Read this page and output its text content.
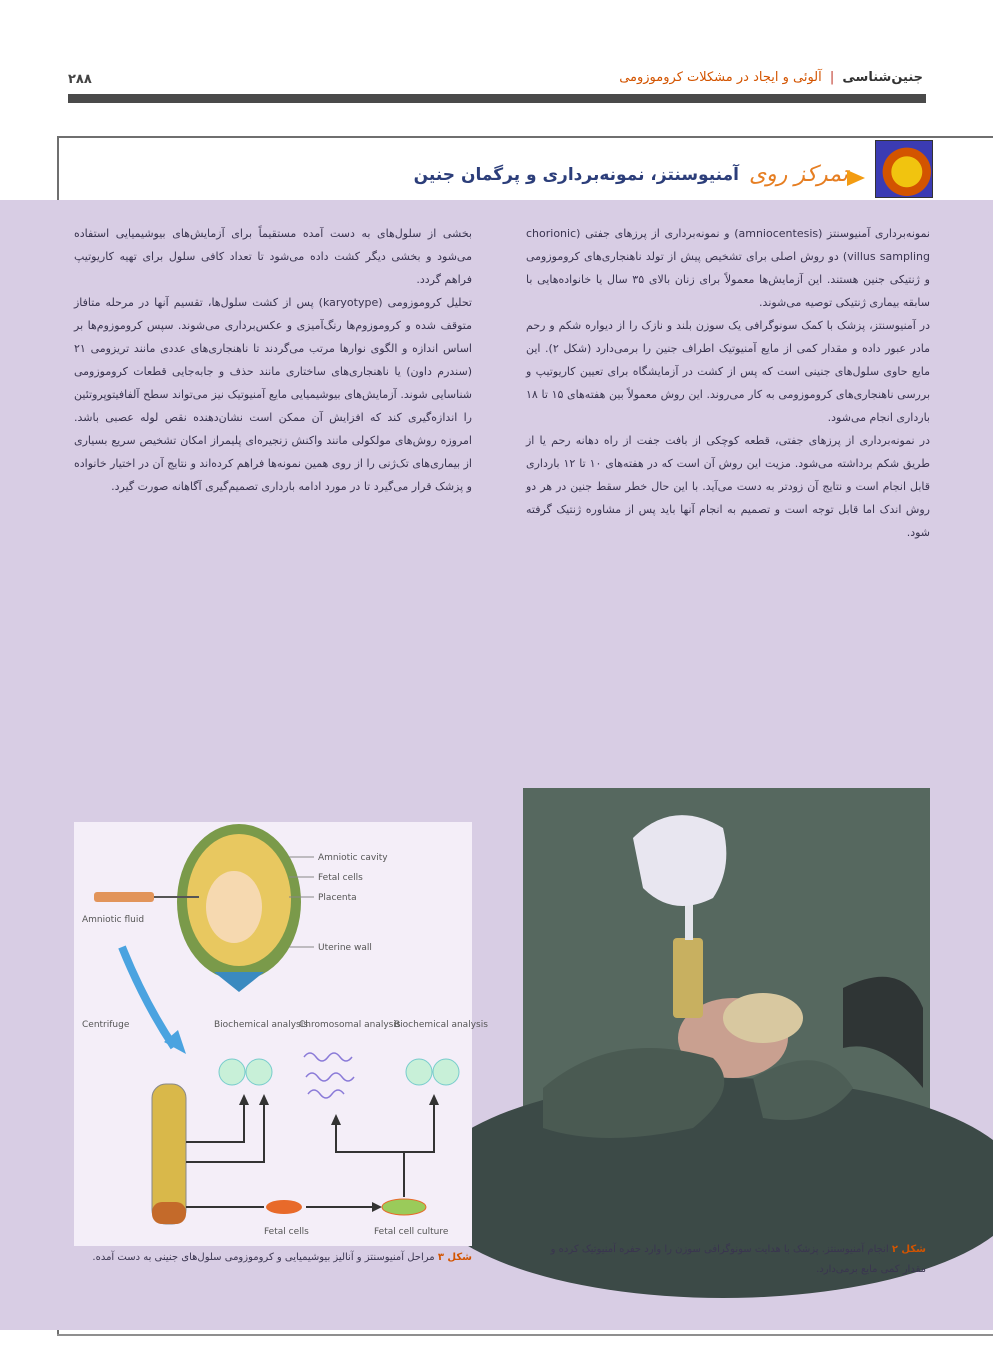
۲۸۸	جنین‌شناسی | آلوئی و ایجاد در مشکلات کروموزومی
تمرکز روی
آمنیوسنتز، نمونه‌برداری و پرگمان جنین

نمونه‌برداری آمنیوسنتز (amniocentesis) و نمونه‌برداری از پرزهای جفتی (chorionic villus sampling) دو روش اصلی برای تشخیص پیش از تولد ناهنجاری‌های کروموزومی و ژنتیکی جنین هستند. این آزمایش‌ها معمولاً برای زنان بالای ۳۵ سال یا خانواده‌هایی با سابقه بیماری ژنتیکی توصیه می‌شوند.

در آمنیوسنتز، پزشک با کمک سونوگرافی یک سوزن بلند و نازک را از دیواره شکم و رحم مادر عبور داده و مقدار کمی از مایع آمنیوتیک اطراف جنین را برمی‌دارد (شکل ۲). این مایع حاوی سلول‌های جنینی است که پس از کشت در آزمایشگاه برای تعیین کاریوتیپ و بررسی ناهنجاری‌های کروموزومی به کار می‌روند. این روش معمولاً بین هفته‌های ۱۵ تا ۱۸ بارداری انجام می‌شود.

در نمونه‌برداری از پرزهای جفتی، قطعه کوچکی از بافت جفت از راه دهانه رحم یا از طریق شکم برداشته می‌شود. مزیت این روش آن است که در هفته‌های ۱۰ تا ۱۲ بارداری قابل انجام است و نتایج آن زودتر به دست می‌آید. با این حال خطر سقط جنین در هر دو روش اندک اما قابل توجه است و تصمیم به انجام آنها باید پس از مشاوره ژنتیک گرفته شود.

بخشی از سلول‌های به دست آمده مستقیماً برای آزمایش‌های بیوشیمیایی استفاده می‌شود و بخشی دیگر کشت داده می‌شود تا تعداد کافی سلول برای تهیه کاریوتیپ فراهم گردد.

تحلیل کروموزومی (karyotype) پس از کشت سلول‌ها، تقسیم آنها در مرحله متافاز متوقف شده و کروموزوم‌ها رنگ‌آمیزی و عکس‌برداری می‌شوند. سپس کروموزوم‌ها بر اساس اندازه و الگوی نوارها مرتب می‌گردند تا ناهنجاری‌های عددی مانند تریزومی ۲۱ (سندرم داون) یا ناهنجاری‌های ساختاری مانند حذف و جابه‌جایی قطعات کروموزومی شناسایی شوند. آزمایش‌های بیوشیمیایی مایع آمنیوتیک نیز می‌تواند سطح آلفا‌فیتوپروتئین را اندازه‌گیری کند که افزایش آن ممکن است نشان‌دهنده نقص لوله عصبی باشد. امروزه روش‌های مولکولی مانند واکنش زنجیره‌ای پلیمراز امکان تشخیص سریع بسیاری از بیماری‌های تک‌ژنی را از روی همین نمونه‌ها فراهم کرده‌اند و نتایج آن در اختیار خانواده و پزشک قرار می‌گیرد تا در مورد ادامه بارداری تصمیم‌گیری آگاهانه صورت گیرد.

Amniotic fluid
Amniotic cavity
Fetal cells
Placenta
Uterine wall
Centrifuge	Biochemical analysis
Chromosomal analysis
Biochemical analysis
Fetal cells	Fetal cell culture
شکل ۲ انجام آمنیوسنتز. پزشک با هدایت سونوگرافی سوزن را وارد حفره آمنیوتیک کرده و مقدار کمی مایع برمی‌دارد.
شکل ۳ مراحل آمنیوسنتز و آنالیز بیوشیمیایی و کروموزومی سلول‌های جنینی به دست آمده.
